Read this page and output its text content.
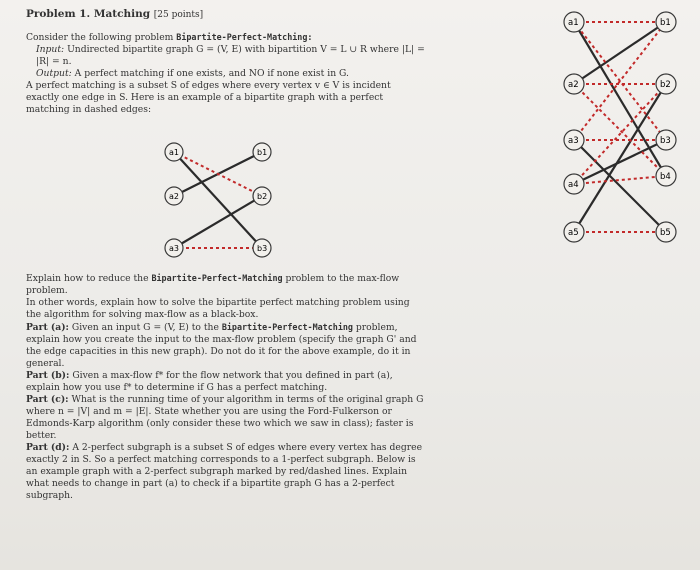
Problem 1. Matching [25 points]

Consider the following problem Bipartite-Perfect-Matching:

Input: Undirected bipartite graph G = (V, E) with bipartition V = L ∪ R where |L| = |R| = n.

Output: A perfect matching if one exists, and NO if none exist in G.

A perfect matching is a subset S of edges where every vertex v ∈ V is incident exactly one edge in S. Here is an example of a bipartite graph with a perfect matching in dashed edges:

a1
a2
a3
b1
b2
b3

Explain how to reduce the Bipartite-Perfect-Matching problem to the max-flow problem.

In other words, explain how to solve the bipartite perfect matching problem using the algorithm for solving max-flow as a black-box.

Part (a): Given an input G = (V, E) to the Bipartite-Perfect-Matching problem, explain how you create the input to the max-flow problem (specify the graph G' and the edge capacities in this new graph). Do not do it for the above example, do it in general.

Part (b): Given a max-flow f* for the flow network that you defined in part (a), explain how you use f* to determine if G has a perfect matching.

Part (c): What is the running time of your algorithm in terms of the original graph G where n = |V| and m = |E|. State whether you are using the Ford-Fulkerson or Edmonds-Karp algorithm (only consider these two which we saw in class); faster is better.

Part (d): A 2-perfect subgraph is a subset S of edges where every vertex has degree exactly 2 in S. So a perfect matching corresponds to a 1-perfect subgraph. Below is an example graph with a 2-perfect subgraph marked by red/dashed lines. Explain what needs to change in part (a) to check if a bipartite graph G has a 2-perfect subgraph.

a1
a2
a3
a4
a5
b1
b2
b3
b4
b5
